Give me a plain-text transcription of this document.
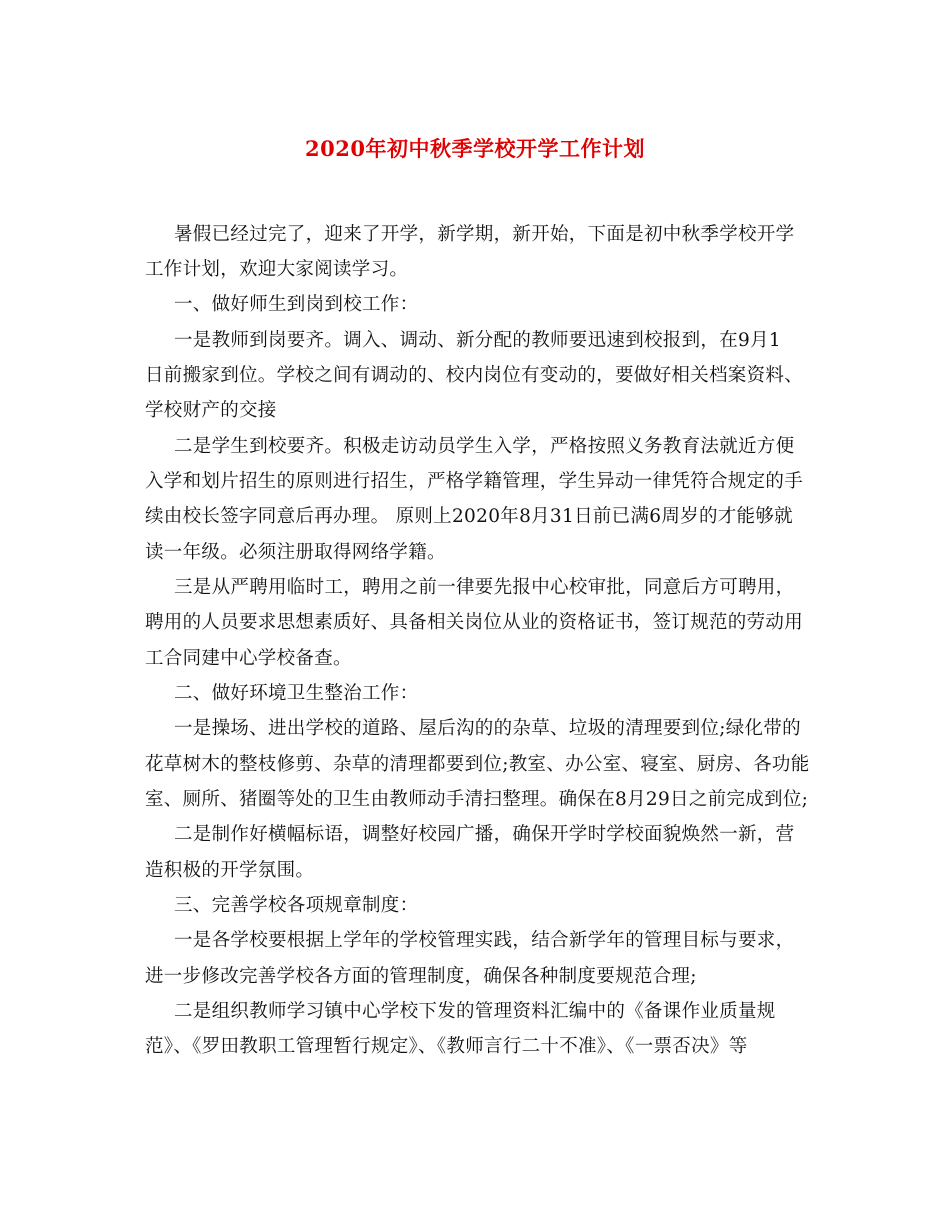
2020年初中秋季学校开学工作计划
暑假已经过完了，迎来了开学，新学期，新开始，下面是初中秋季学校开学
工作计划，欢迎大家阅读学习。
一、做好师生到岗到校工作：
一是教师到岗要齐。调入、调动、新分配的教师要迅速到校报到，在9月1
日前搬家到位。学校之间有调动的、校内岗位有变动的，要做好相关档案资料、
学校财产的交接
二是学生到校要齐。积极走访动员学生入学，严格按照义务教育法就近方便
入学和划片招生的原则进行招生，严格学籍管理，学生异动一律凭符合规定的手
续由校长签字同意后再办理。 原则上2020年8月31日前已满6周岁的才能够就
读一年级。必须注册取得网络学籍。
三是从严聘用临时工，聘用之前一律要先报中心校审批，同意后方可聘用，
聘用的人员要求思想素质好、具备相关岗位从业的资格证书，签订规范的劳动用
工合同建中心学校备查。
二、做好环境卫生整治工作：
一是操场、进出学校的道路、屋后沟的的杂草、垃圾的清理要到位;绿化带的
花草树木的整枝修剪、杂草的清理都要到位;教室、办公室、寝室、厨房、各功能
室、厕所、猪圈等处的卫生由教师动手清扫整理。确保在8月29日之前完成到位;
二是制作好横幅标语，调整好校园广播，确保开学时学校面貌焕然一新，营
造积极的开学氛围。
三、完善学校各项规章制度：
一是各学校要根据上学年的学校管理实践，结合新学年的管理目标与要求，
进一步修改完善学校各方面的管理制度，确保各种制度要规范合理;
二是组织教师学习镇中心学校下发的管理资料汇编中的《备课作业质量规
范》、《罗田教职工管理暂行规定》、《教师言行二十不准》、《一票否决》等
